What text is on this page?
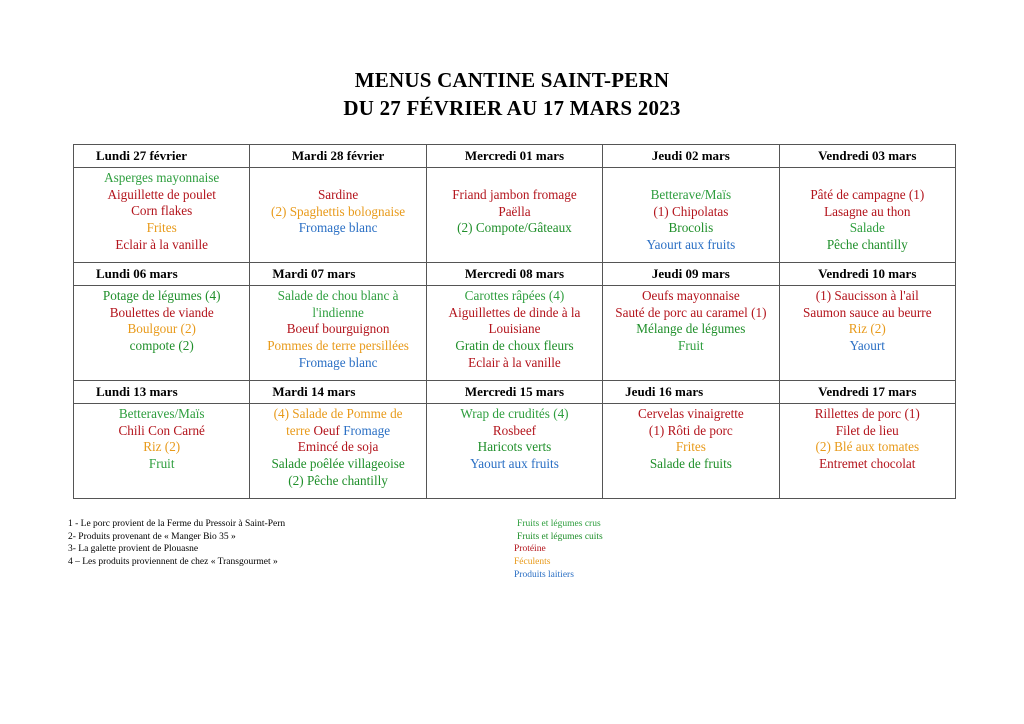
MENUS CANTINE SAINT-PERN
DU 27 FÉVRIER AU 17 MARS 2023
Lundi 27 février	Mardi 28 février	Mercredi 01 mars	Jeudi 02 mars	Vendredi 03 mars

Asperges mayonnaise
Aiguillette de poulet
Corn flakes
Frites
Eclair à la vanille	Sardine
(2) Spaghettis bolognaise
Fromage blanc	Friand jambon fromage
Paëlla
(2) Compote/Gâteaux	Betterave/Maïs
(1) Chipolatas
Brocolis
Yaourt aux fruits	Pâté de campagne (1)
Lasagne au thon
Salade
Pêche chantilly

Lundi 06 mars	Mardi 07 mars	Mercredi 08 mars	Jeudi 09 mars	Vendredi 10 mars

Potage de légumes (4)
Boulettes de viande
Boulgour (2)
compote (2)	Salade de chou blanc à
l'indienne
Boeuf bourguignon
Pommes de terre persillées
Fromage blanc	Carottes râpées (4)
Aiguillettes de dinde à la
Louisiane
Gratin de choux fleurs
Eclair à la vanille	Oeufs mayonnaise
Sauté de porc au caramel (1)
Mélange de légumes
Fruit	(1) Saucisson à l'ail
Saumon sauce au beurre
Riz (2)
Yaourt

Lundi 13 mars	Mardi 14 mars	Mercredi 15 mars	Jeudi 16 mars	Vendredi 17 mars

Betteraves/Maïs
Chili Con Carné
Riz (2)
Fruit	(4) Salade de Pomme de
terre Oeuf Fromage
Emincé de soja
Salade poêlée villageoise
(2) Pêche chantilly	Wrap de crudités (4)
Rosbeef
Haricots verts
Yaourt aux fruits	Cervelas vinaigrette
(1) Rôti de porc
Frites
Salade de fruits	Rillettes de porc (1)
Filet de lieu
(2) Blé aux tomates
Entremet chocolat
1 - Le porc provient de la Ferme du Pressoir à Saint-Pern
2- Produits provenant de « Manger Bio 35 »
3- La galette provient de Plouasne
4 – Les produits proviennent de chez « Transgourmet »
Fruits et légumes crus
Fruits et légumes cuits
Protéine
Féculents
Produits laitiers
